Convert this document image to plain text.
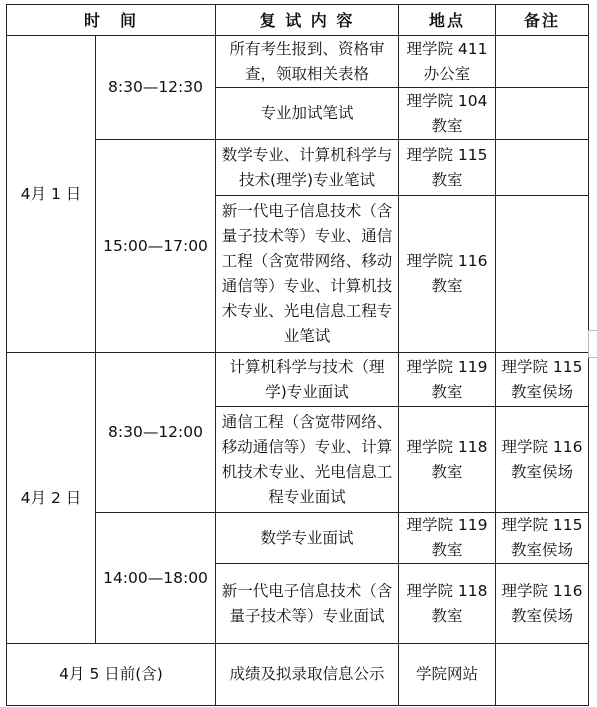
时　间		复 试 内 容	地点	备注
4月 1 日	8:30—12:30	所有考生报到、资格审查，领取相关表格	理学院 411 办公室	
		专业加试笔试	理学院 104 教室	
	15:00—17:00	数学专业、计算机科学与技术(理学)专业笔试	理学院 115 教室	
		新一代电子信息技术（含量子技术等）专业、通信工程（含宽带网络、移动通信等）专业、计算机技术专业、光电信息工程专业笔试	理学院 116 教室	
4月 2 日	8:30—12:00	计算机科学与技术（理学)专业面试	理学院 119 教室	理学院 115 教室侯场
		通信工程（含宽带网络、移动通信等）专业、计算机技术专业、光电信息工程专业面试	理学院 118 教室	理学院 116 教室侯场
	14:00—18:00	数学专业面试	理学院 119 教室	理学院 115 教室侯场
		新一代电子信息技术（含量子技术等）专业面试	理学院 118 教室	理学院 116 教室侯场
4月 5 日前(含)		成绩及拟录取信息公示	学院网站	
